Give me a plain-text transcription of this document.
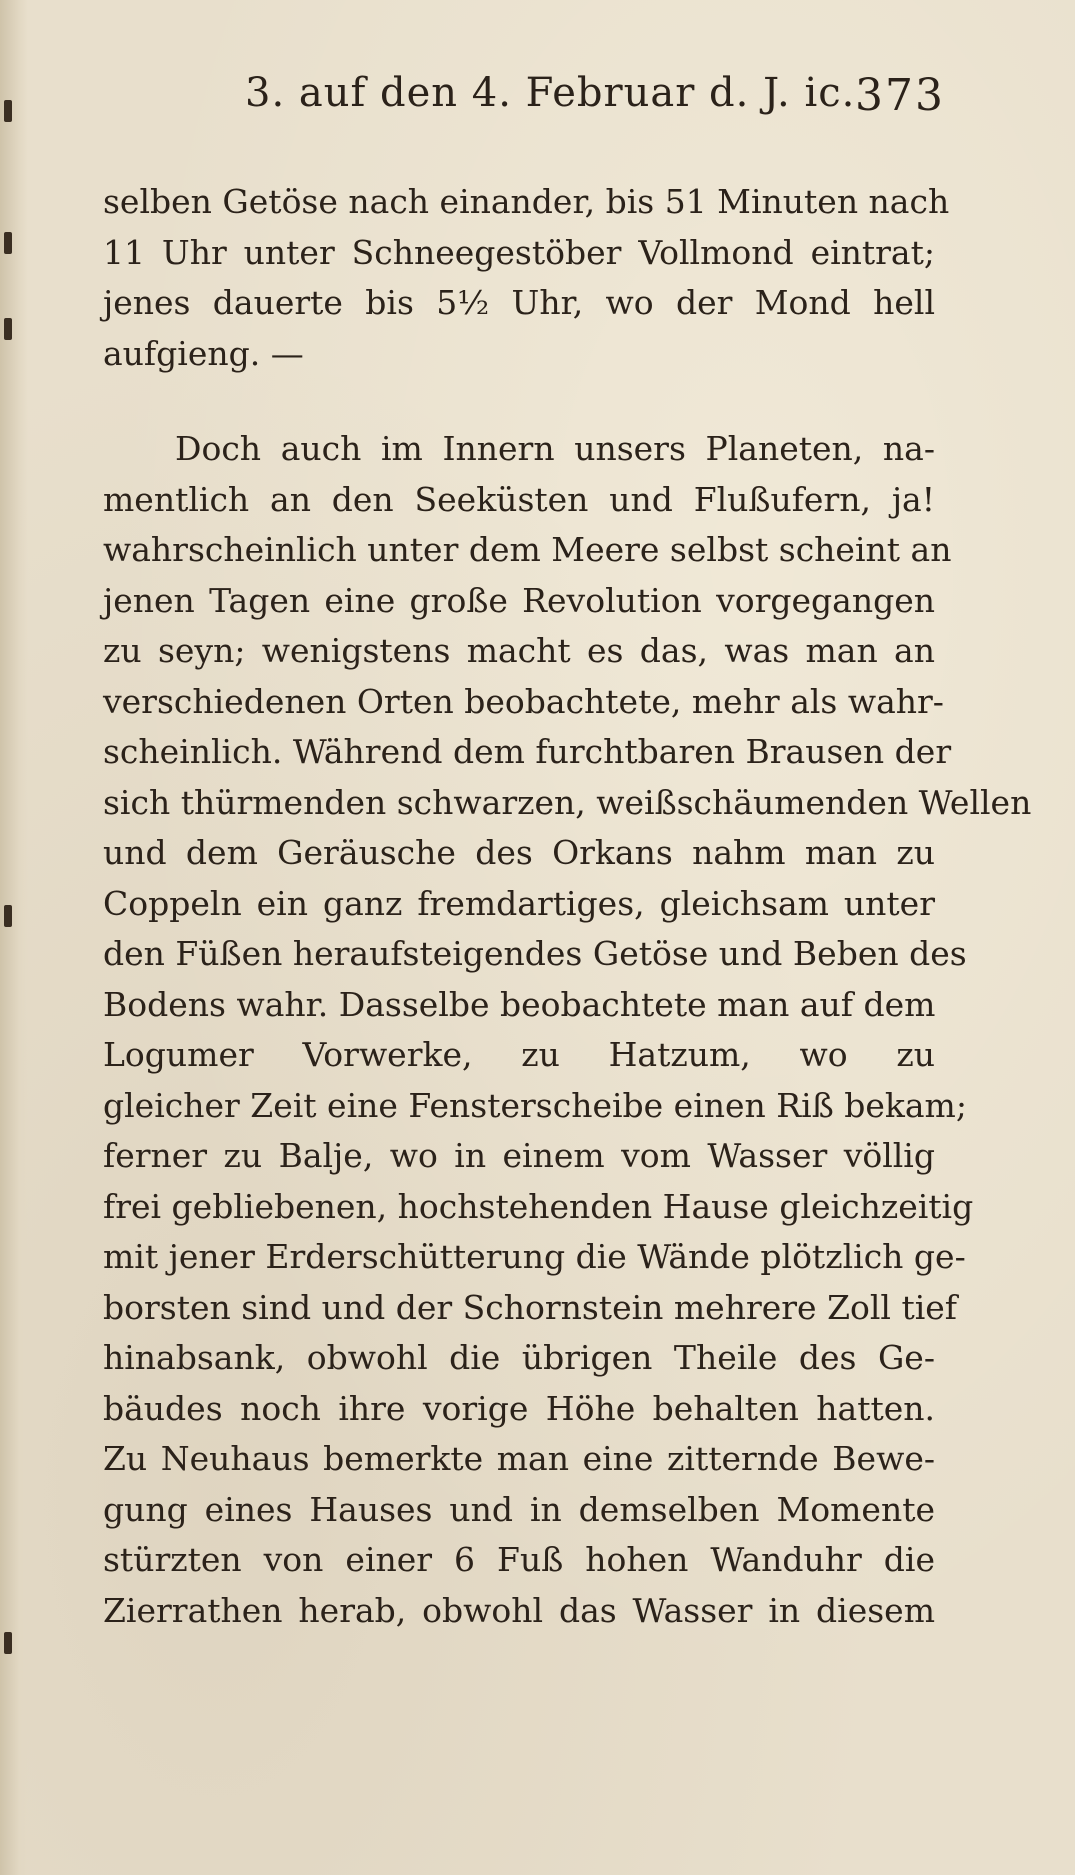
3. auf den 4. Februar d. J. ic. 373
selben Getöse nach einander, bis 51 Minuten nach
11 Uhr unter Schneegestöber Vollmond eintrat;
jenes dauerte bis 5½ Uhr, wo der Mond hell
aufgieng. —
Doch auch im Innern unsers Planeten, na-
mentlich an den Seeküsten und Flußufern, ja!
wahrscheinlich unter dem Meere selbst scheint an
jenen Tagen eine große Revolution vorgegangen
zu seyn; wenigstens macht es das, was man an
verschiedenen Orten beobachtete, mehr als wahr-
scheinlich. Während dem furchtbaren Brausen der
sich thürmenden schwarzen, weißschäumenden Wellen
und dem Geräusche des Orkans nahm man zu
Coppeln ein ganz fremdartiges, gleichsam unter
den Füßen heraufsteigendes Getöse und Beben des
Bodens wahr. Dasselbe beobachtete man auf dem
Logumer Vorwerke, zu Hatzum, wo zu
gleicher Zeit eine Fensterscheibe einen Riß bekam;
ferner zu Balje, wo in einem vom Wasser völlig
frei gebliebenen, hochstehenden Hause gleichzeitig
mit jener Erderschütterung die Wände plötzlich ge-
borsten sind und der Schornstein mehrere Zoll tief
hinabsank, obwohl die übrigen Theile des Ge-
bäudes noch ihre vorige Höhe behalten hatten.
Zu Neuhaus bemerkte man eine zitternde Bewe-
gung eines Hauses und in demselben Momente
stürzten von einer 6 Fuß hohen Wanduhr die
Zierrathen herab, obwohl das Wasser in diesem
